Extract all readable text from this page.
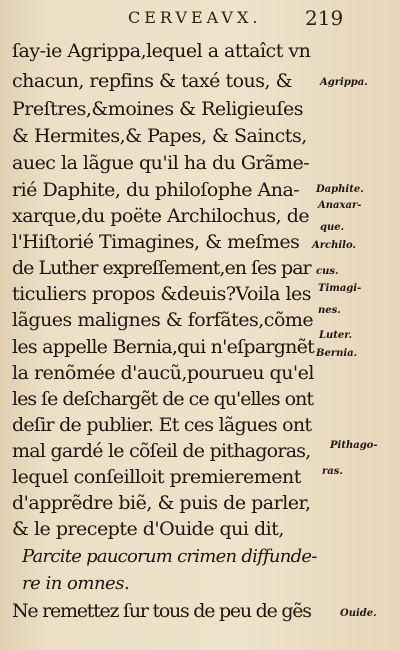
CERVEAVX. 219
ſay-ie Agrippa,lequel a attaîct vn
chacun, repfins & taxé tous, &
Preſtres,&moines & Religieuſes
& Hermites,& Papes, & Saincts,
auec la lãgue qu'il ha du Grãme-
rié Daphite, du philoſophe Ana-
xarque,du poëte Archilochus, de
l'Hiſtorié Timagines, & meſmes
de Luther expreſſement,en ſes par
ticuliers propos &deuis?Voila les
lãgues malignes & forfãtes,cõme
les appelle Bernia,qui n'eſpargnẽt
la renõmée d'aucũ,pourueu qu'el
les ſe deſchargẽt de ce qu'elles ont
deſir de publier. Et ces lãgues ont
mal gardé le cõſeil de pithagoras,
lequel conſeilloit premierement
d'apprẽdre biẽ, & puis de parler,
& le precepte d'Ouide qui dit,
Parcite paucorum crimen diffunde-
re in omnes.
Ne remettez ſur tous de peu de gẽs
Agrippa.
Daphite.
Anaxar-
que.
Archilo.
cus.
Timagi-
nes.
Luter.
Bernia.
Pithago-
ras.
Ouide.
